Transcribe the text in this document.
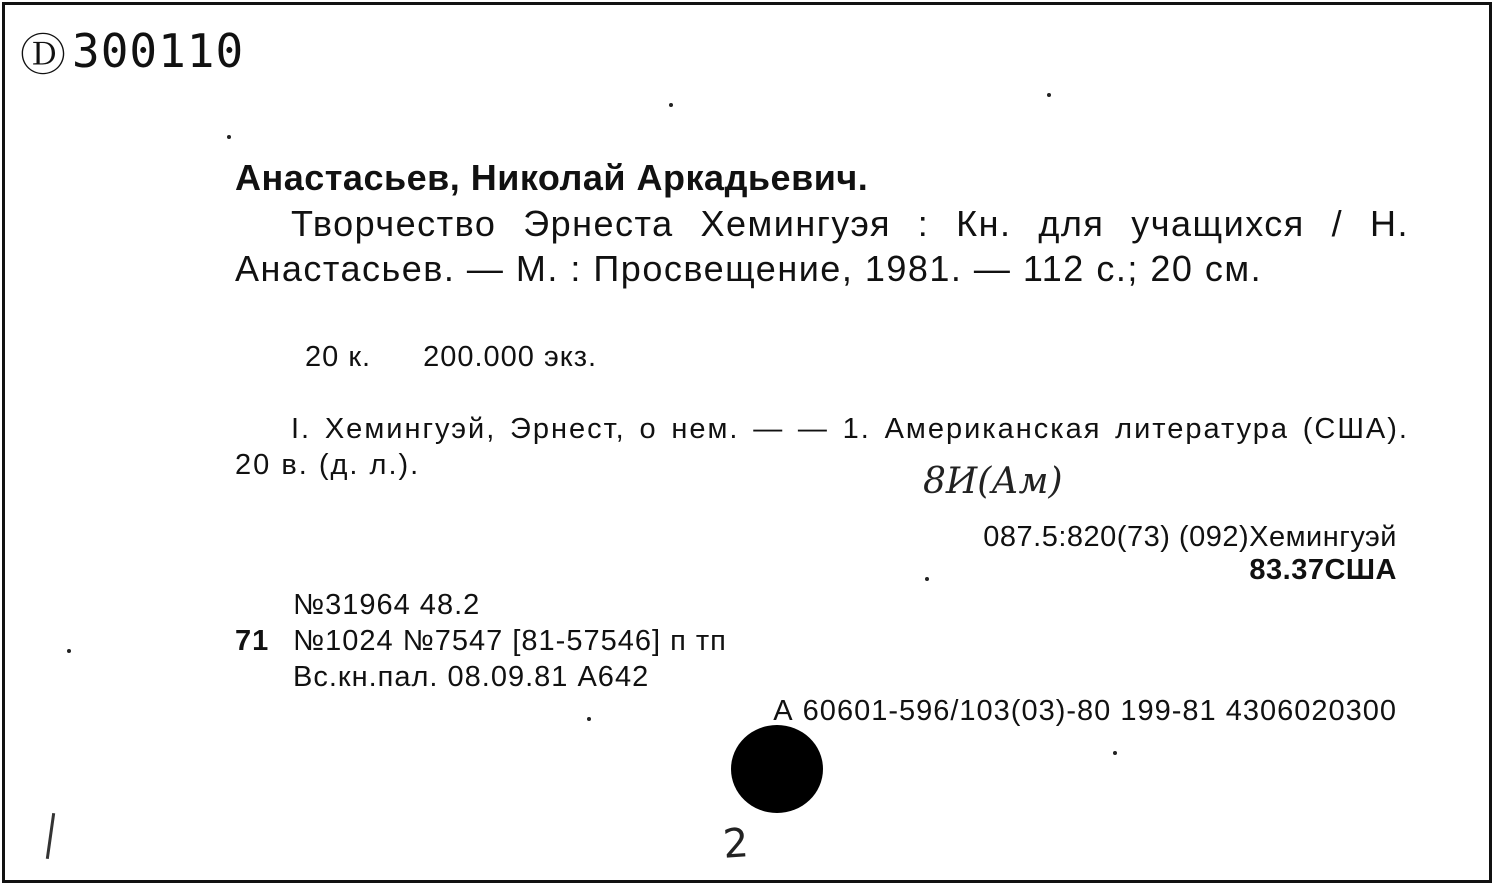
Ⓓ 300110
Анастасьев, Николай Аркадьевич.
Творчество Эрнеста Хемингуэя : Кн. для учащихся / Н. Анастасьев. — М. : Просвещение, 1981. — 112 с.; 20 см.
20 к. 200.000 экз.
I. Хемингуэй, Эрнест, о нем. — — 1. Американская литература (США). 20 в. (д. л.).	8И(Ам)
087.5:820(73) (092)Хемингуэй
83.37США
№31964 48.2
71 №1024 №7547 [81-57546] п тп
Вс.кн.пал. 08.09.81 А642
А 60601-596/103(03)-80 199-81 4306020300
2
